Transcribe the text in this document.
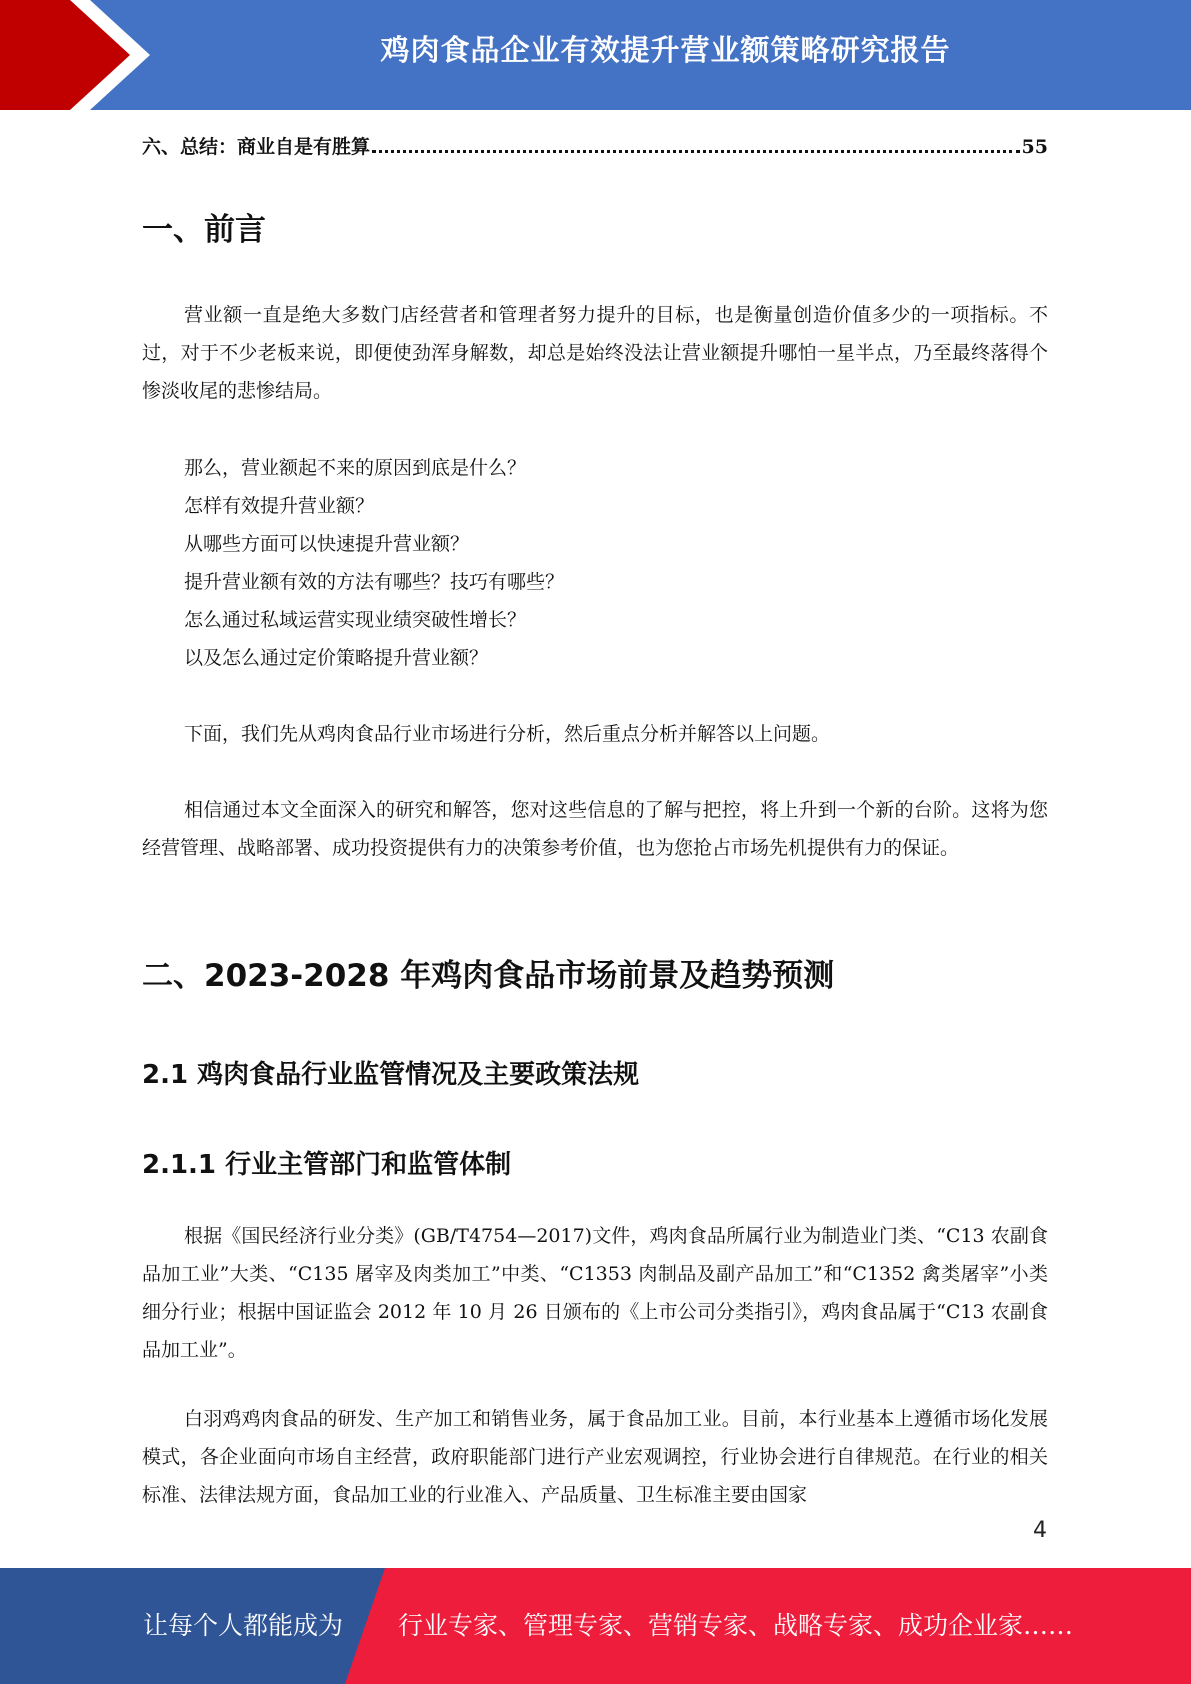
鸡肉食品企业有效提升营业额策略研究报告
六、总结：商业自是有胜算	55
一、前言

营业额一直是绝大多数门店经营者和管理者努力提升的目标，也是衡量创造价值多少的一项指标。不过，对于不少老板来说，即便使劲浑身解数，却总是始终没法让营业额提升哪怕一星半点，乃至最终落得个惨淡收尾的悲惨结局。

那么，营业额起不来的原因到底是什么？
怎样有效提升营业额？
从哪些方面可以快速提升营业额？
提升营业额有效的方法有哪些？技巧有哪些？
怎么通过私域运营实现业绩突破性增长？
以及怎么通过定价策略提升营业额？

下面，我们先从鸡肉食品行业市场进行分析，然后重点分析并解答以上问题。

相信通过本文全面深入的研究和解答，您对这些信息的了解与把控，将上升到一个新的台阶。这将为您经营管理、战略部署、成功投资提供有力的决策参考价值，也为您抢占市场先机提供有力的保证。

二、2023-2028 年鸡肉食品市场前景及趋势预测
2.1 鸡肉食品行业监管情况及主要政策法规
2.1.1 行业主管部门和监管体制

根据《国民经济行业分类》(GB/T4754—2017)文件，鸡肉食品所属行业为制造业门类、“C13 农副食品加工业”大类、“C135 屠宰及肉类加工”中类、“C1353 肉制品及副产品加工”和“C1352 禽类屠宰”小类细分行业；根据中国证监会 2012 年 10 月 26 日颁布的《上市公司分类指引》，鸡肉食品属于“C13 农副食品加工业”。

白羽鸡鸡肉食品的研发、生产加工和销售业务，属于食品加工业。目前，本行业基本上遵循市场化发展模式，各企业面向市场自主经营，政府职能部门进行产业宏观调控，行业协会进行自律规范。在行业的相关标准、法律法规方面，食品加工业的行业准入、产品质量、卫生标准主要由国家

4
让每个人都能成为 行业专家、管理专家、营销专家、战略专家、成功企业家……
